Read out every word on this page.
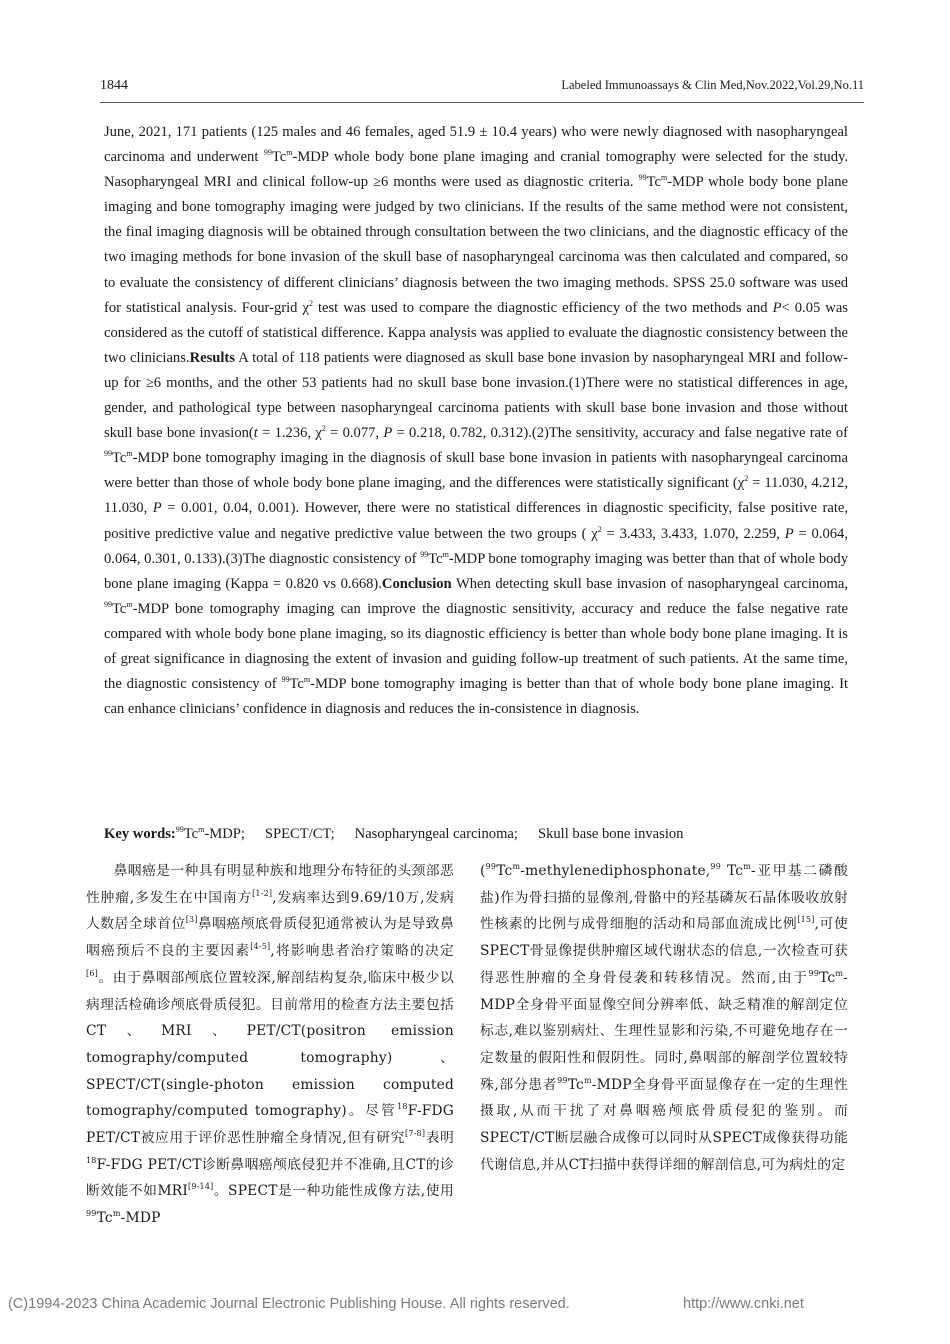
1844	Labeled Immunoassays & Clin Med,Nov.2022,Vol.29,No.11

June, 2021, 171 patients (125 males and 46 females, aged 51.9 ± 10.4 years) who were newly diagnosed with nasopharyngeal carcinoma and underwent $^{99}$Tc$^m$-MDP whole body bone plane imaging and cranial tomography were selected for the study. Nasopharyngeal MRI and clinical follow-up ≥6 months were used as diagnostic criteria. $^{99}$Tc$^m$-MDP whole body bone plane imaging and bone tomography imaging were judged by two clinicians. If the results of the same method were not consistent, the final imaging diagnosis will be obtained through consultation between the two clinicians, and the diagnostic efficacy of the two imaging methods for bone invasion of the skull base of nasopharyngeal carcinoma was then calculated and compared, so to evaluate the consistency of different clinicians’ diagnosis between the two imaging methods. SPSS 25.0 software was used for statistical analysis. Four-grid $\chi^2$ test was used to compare the diagnostic efficiency of the two methods and P< 0.05 was considered as the cutoff of statistical difference. Kappa analysis was applied to evaluate the diagnostic consistency between the two clinicians.Results A total of 118 patients were diagnosed as skull base bone invasion by nasopharyngeal MRI and follow-up for ≥6 months, and the other 53 patients had no skull base bone invasion.(1)There were no statistical differences in age, gender, and pathological type between nasopharyngeal carcinoma patients with skull base bone invasion and those without skull base bone invasion(t = 1.236, $\chi^2 = 0.077$, P = 0.218, 0.782, 0.312).(2)The sensitivity, accuracy and false negative rate of $^{99}$Tc$^m$-MDP bone tomography imaging in the diagnosis of skull base bone invasion in patients with nasopharyngeal carcinoma were better than those of whole body bone plane imaging, and the differences were statistically significant ($\chi^2 = 11.030$, 4.212, 11.030, P = 0.001, 0.04, 0.001). However, there were no statistical differences in diagnostic specificity, false positive rate, positive predictive value and negative predictive value between the two groups ( $\chi^2 = 3.433$, 3.433, 1.070, 2.259, P = 0.064, 0.064, 0.301, 0.133).(3)The diagnostic consistency of $^{99}$Tc$^m$-MDP bone tomography imaging was better than that of whole body bone plane imaging (Kappa = 0.820 vs 0.668).Conclusion When detecting skull base invasion of nasopharyngeal carcinoma, $^{99}$Tc$^m$-MDP bone tomography imaging can improve the diagnostic sensitivity, accuracy and reduce the false negative rate compared with whole body bone plane imaging, so its diagnostic efficiency is better than whole body bone plane imaging. It is of great significance in diagnosing the extent of invasion and guiding follow-up treatment of such patients. At the same time, the diagnostic consistency of $^{99}$Tc$^m$-MDP bone tomography imaging is better than that of whole body bone plane imaging. It can enhance clinicians’ confidence in diagnosis and reduces the in-consistence in diagnosis.

Key words:$^{99}$Tc$^m$-MDP; SPECT/CT; Nasopharyngeal carcinoma; Skull base bone invasion

鼻咽癌是一种具有明显种族和地理分布特征的头颈部恶性肿瘤,多发生在中国南方[1-2],发病率达到9.69/10万,发病人数居全球首位[3]鼻咽癌颅底骨质侵犯通常被认为是导致鼻咽癌预后不良的主要因素[4-5],将影响患者治疗策略的决定[6]。由于鼻咽部颅底位置较深,解剖结构复杂,临床中极少以病理活检确诊颅底骨质侵犯。目前常用的检查方法主要包括CT、MRI、PET/CT(positron emission tomography/computed tomography)、SPECT/CT(single-photon emission computed tomography/computed tomography)。尽管$^{18}$F-FDG PET/CT被应用于评价恶性肿瘤全身情况,但有研究[7-8]表明$^{18}$F-FDG PET/CT诊断鼻咽癌颅底侵犯并不准确,且CT的诊断效能不如MRI[9-14]。SPECT是一种功能性成像方法,使用$^{99}$Tc$^m$-MDP

($^{99}$Tc$^m$-methylenediphosphonate,$^{99}$ Tc$^m$-亚甲基二磷酸盐)作为骨扫描的显像剂,骨骼中的羟基磷灰石晶体吸收放射性核素的比例与成骨细胞的活动和局部血流成比例[15],可使SPECT骨显像提供肿瘤区域代谢状态的信息,一次检查可获得恶性肿瘤的全身骨侵袭和转移情况。然而,由于$^{99}$Tc$^m$-MDP全身骨平面显像空间分辨率低、缺乏精准的解剖定位标志,难以鉴别病灶、生理性显影和污染,不可避免地存在一定数量的假阳性和假阴性。同时,鼻咽部的解剖学位置较特殊,部分患者$^{99}$Tc$^m$-MDP全身骨平面显像存在一定的生理性摄取,从而干扰了对鼻咽癌颅底骨质侵犯的鉴别。而SPECT/CT断层融合成像可以同时从SPECT成像获得功能代谢信息,并从CT扫描中获得详细的解剖信息,可为病灶的定

(C)1994-2023 China Academic Journal Electronic Publishing House. All rights reserved.	http://www.cnki.net
